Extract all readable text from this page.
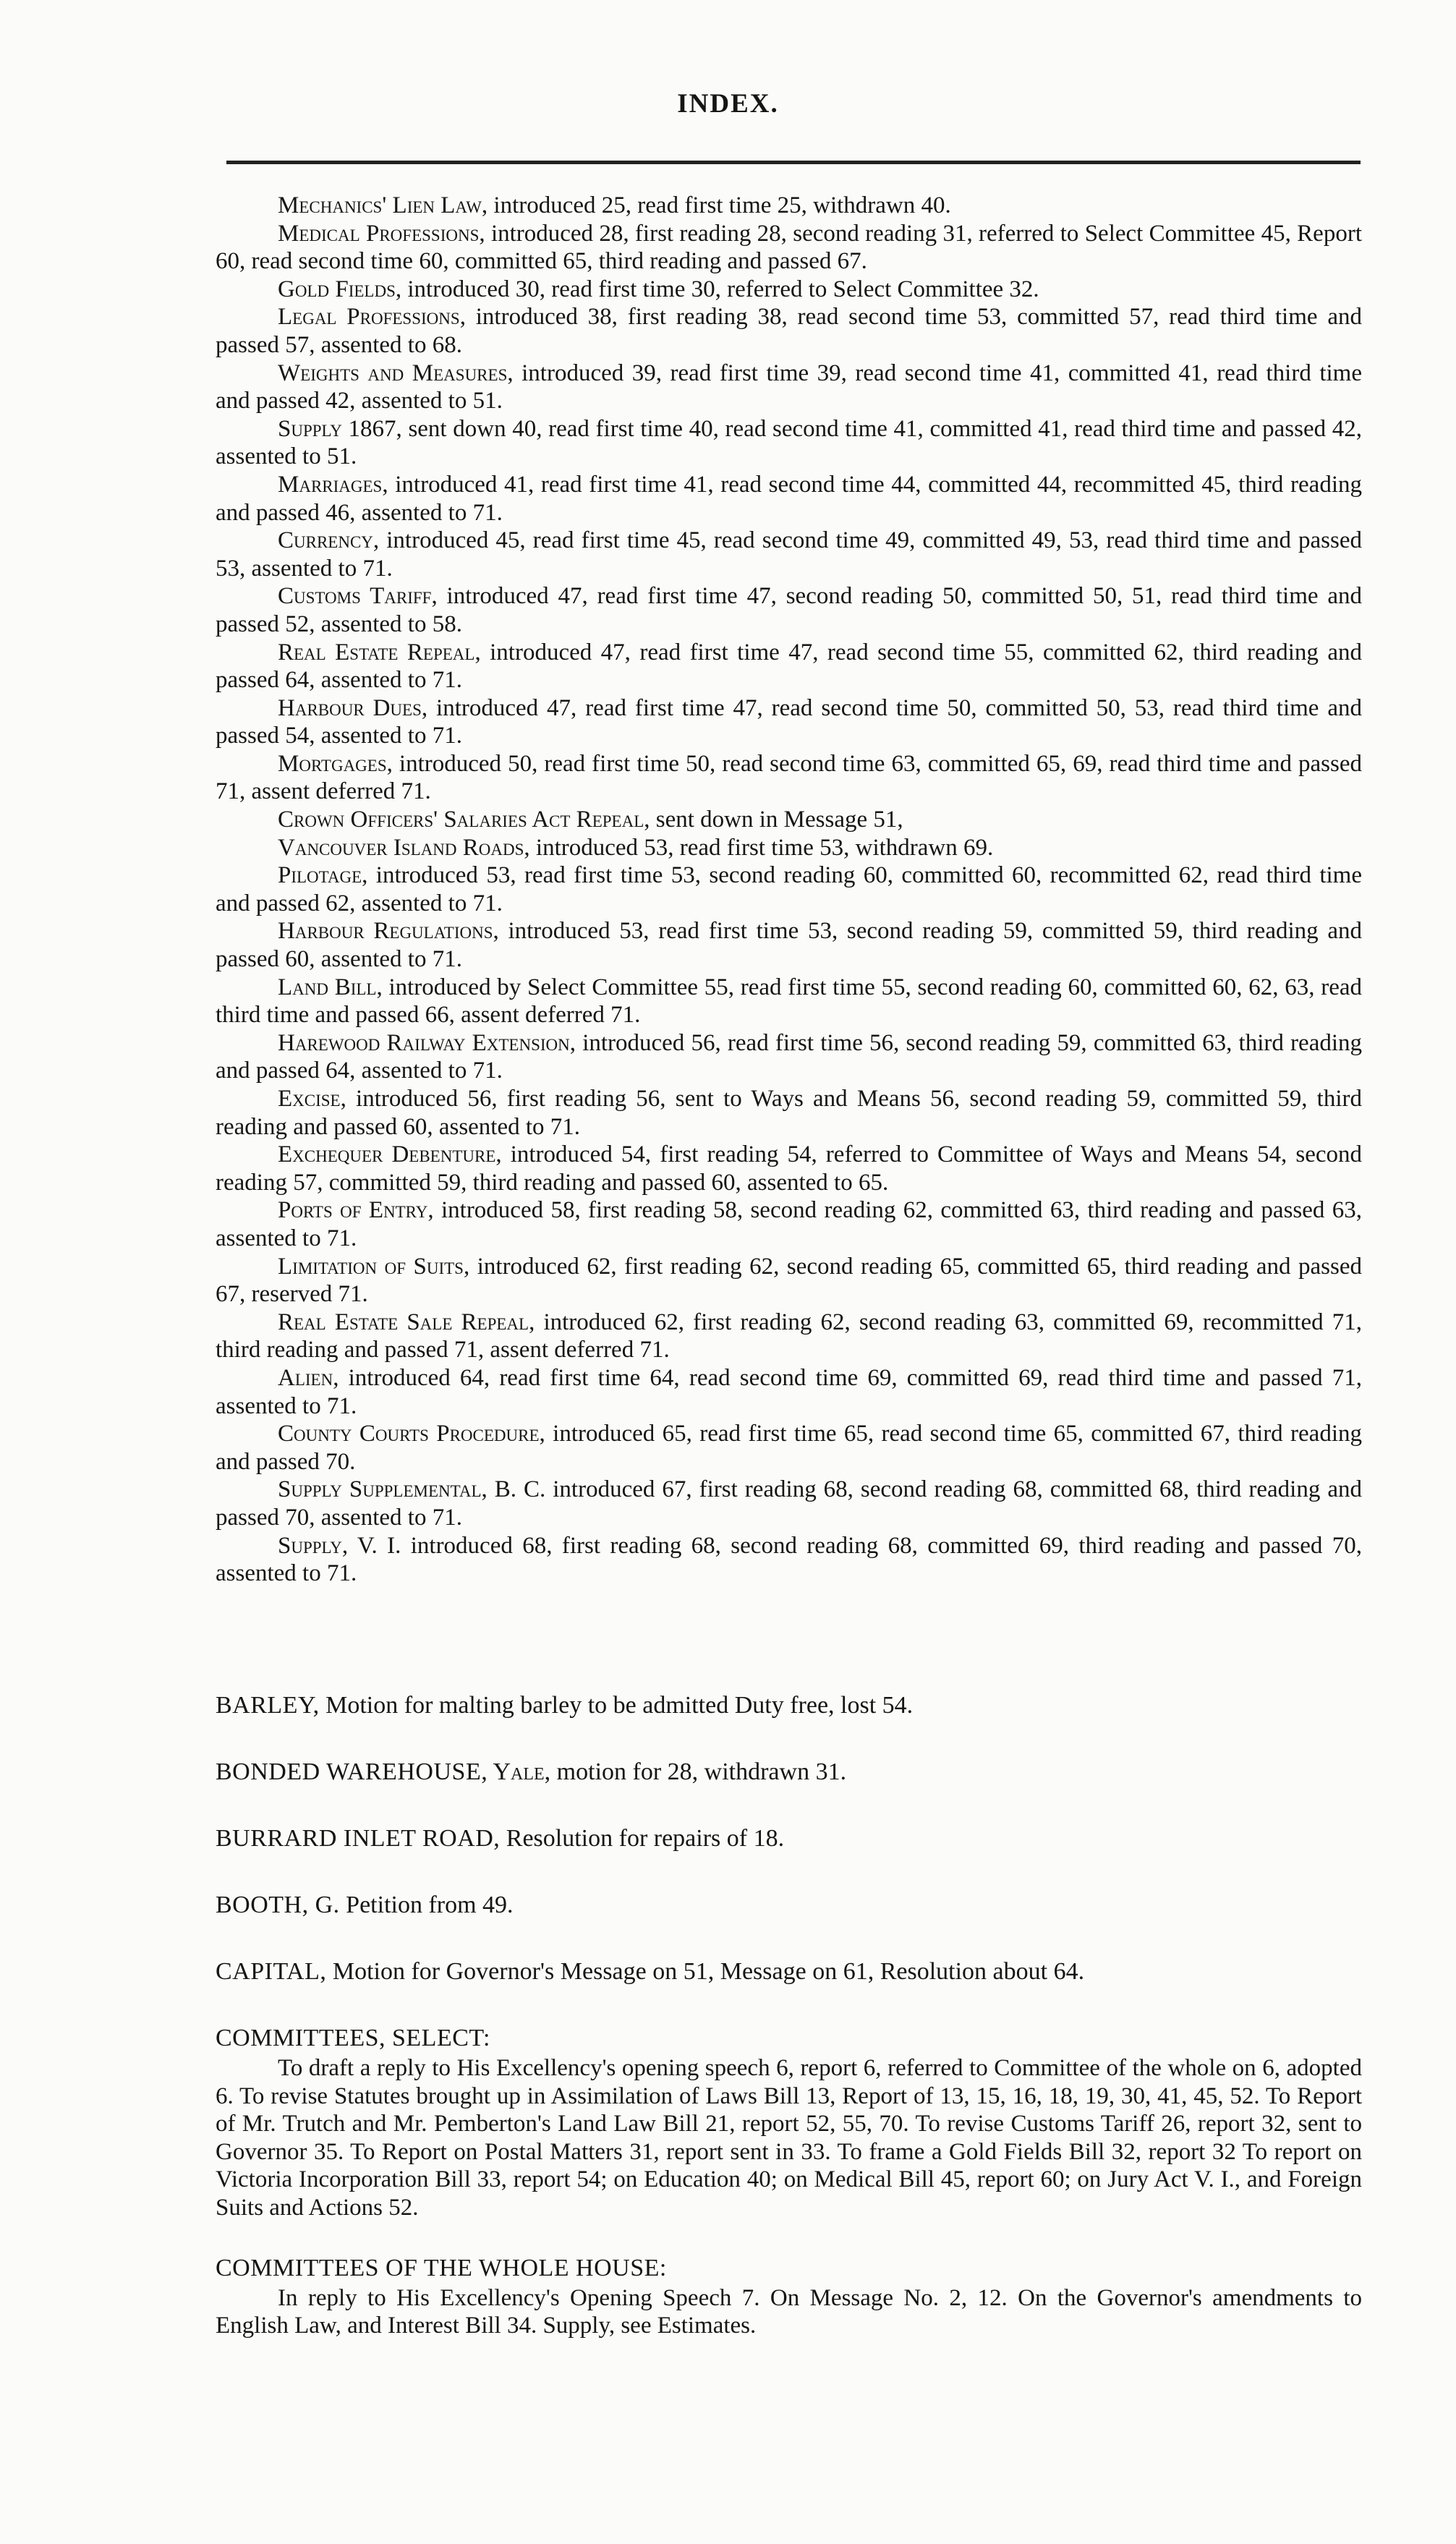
INDEX.

Mechanics' Lien Law, introduced 25, read first time 25, withdrawn 40.

Medical Professions, introduced 28, first reading 28, second reading 31, referred to Select Committee 45, Report 60, read second time 60, committed 65, third reading and passed 67.

Gold Fields, introduced 30, read first time 30, referred to Select Committee 32.

Legal Professions, introduced 38, first reading 38, read second time 53, committed 57, read third time and passed 57, assented to 68.

Weights and Measures, introduced 39, read first time 39, read second time 41, committed 41, read third time and passed 42, assented to 51.

Supply 1867, sent down 40, read first time 40, read second time 41, committed 41, read third time and passed 42, assented to 51.

Marriages, introduced 41, read first time 41, read second time 44, committed 44, recommitted 45, third reading and passed 46, assented to 71.

Currency, introduced 45, read first time 45, read second time 49, committed 49, 53, read third time and passed 53, assented to 71.

Customs Tariff, introduced 47, read first time 47, second reading 50, committed 50, 51, read third time and passed 52, assented to 58.

Real Estate Repeal, introduced 47, read first time 47, read second time 55, committed 62, third reading and passed 64, assented to 71.

Harbour Dues, introduced 47, read first time 47, read second time 50, committed 50, 53, read third time and passed 54, assented to 71.

Mortgages, introduced 50, read first time 50, read second time 63, committed 65, 69, read third time and passed 71, assent deferred 71.

Crown Officers' Salaries Act Repeal, sent down in Message 51,

Vancouver Island Roads, introduced 53, read first time 53, withdrawn 69.

Pilotage, introduced 53, read first time 53, second reading 60, committed 60, recommitted 62, read third time and passed 62, assented to 71.

Harbour Regulations, introduced 53, read first time 53, second reading 59, committed 59, third reading and passed 60, assented to 71.

Land Bill, introduced by Select Committee 55, read first time 55, second reading 60, committed 60, 62, 63, read third time and passed 66, assent deferred 71.

Harewood Railway Extension, introduced 56, read first time 56, second reading 59, committed 63, third reading and passed 64, assented to 71.

Excise, introduced 56, first reading 56, sent to Ways and Means 56, second reading 59, committed 59, third reading and passed 60, assented to 71.

Exchequer Debenture, introduced 54, first reading 54, referred to Committee of Ways and Means 54, second reading 57, committed 59, third reading and passed 60, assented to 65.

Ports of Entry, introduced 58, first reading 58, second reading 62, committed 63, third reading and passed 63, assented to 71.

Limitation of Suits, introduced 62, first reading 62, second reading 65, committed 65, third reading and passed 67, reserved 71.

Real Estate Sale Repeal, introduced 62, first reading 62, second reading 63, committed 69, recommitted 71, third reading and passed 71, assent deferred 71.

Alien, introduced 64, read first time 64, read second time 69, committed 69, read third time and passed 71, assented to 71.

County Courts Procedure, introduced 65, read first time 65, read second time 65, committed 67, third reading and passed 70.

Supply Supplemental, B. C. introduced 67, first reading 68, second reading 68, committed 68, third reading and passed 70, assented to 71.

Supply, V. I. introduced 68, first reading 68, second reading 68, committed 69, third reading and passed 70, assented to 71.

BARLEY, Motion for malting barley to be admitted Duty free, lost 54.

BONDED WAREHOUSE, Yale, motion for 28, withdrawn 31.

BURRARD INLET ROAD, Resolution for repairs of 18.

BOOTH, G. Petition from 49.

CAPITAL, Motion for Governor's Message on 51, Message on 61, Resolution about 64.

COMMITTEES, SELECT:

To draft a reply to His Excellency's opening speech 6, report 6, referred to Committee of the whole on 6, adopted 6. To revise Statutes brought up in Assimilation of Laws Bill 13, Report of 13, 15, 16, 18, 19, 30, 41, 45, 52. To Report of Mr. Trutch and Mr. Pemberton's Land Law Bill 21, report 52, 55, 70. To revise Customs Tariff 26, report 32, sent to Governor 35. To Report on Postal Matters 31, report sent in 33. To frame a Gold Fields Bill 32, report 32 To report on Victoria Incorporation Bill 33, report 54; on Education 40; on Medical Bill 45, report 60; on Jury Act V. I., and Foreign Suits and Actions 52.

COMMITTEES OF THE WHOLE HOUSE:

In reply to His Excellency's Opening Speech 7. On Message No. 2, 12. On the Governor's amendments to English Law, and Interest Bill 34. Supply, see Estimates.
